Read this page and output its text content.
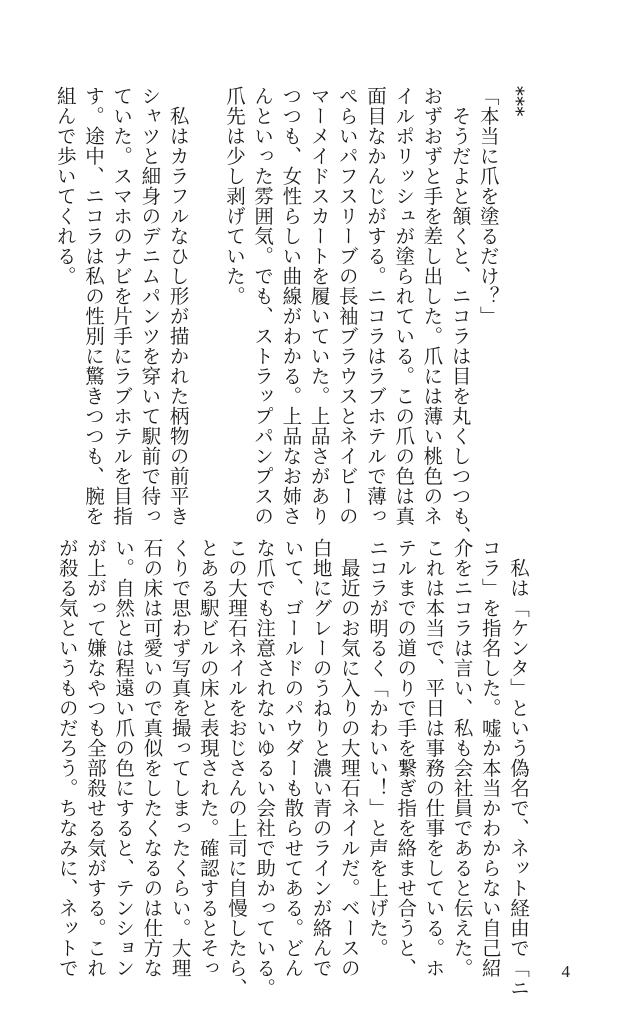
***

「本当に爪を塗るだけ？」

　そうだよと頷くと、ニコラは目を丸くしつつも、

おずおずと手を差し出した。爪には薄い桃色のネ

イルポリッシュが塗られている。この爪の色は真

面目なかんじがする。ニコラはラブホテルで薄っ

ぺらいパフスリーブの長袖ブラウスとネイビーの

マーメイドスカートを履いていた。上品さがあり

つつも、女性らしい曲線がわかる。上品なお姉さ

んといった雰囲気。でも、ストラップパンプスの

爪先は少し剥げていた。

　私はカラフルなひし形が描かれた柄物の前平き

シャツと細身のデニムパンツを穿いて駅前で待っ

ていた。スマホのナビを片手にラブホテルを目指

す。途中、ニコラは私の性別に驚きつつも、腕を

組んで歩いてくれる。

　私は「ケンタ」という偽名で、ネット経由で「ニ

コラ」を指名した。嘘か本当かわからない自己紹

介をニコラは言い、私も会社員であると伝えた。

これは本当で、平日は事務の仕事をしている。ホ

テルまでの道のりで手を繋ぎ指を絡ませ合うと、

ニコラが明るく「かわいい！」と声を上げた。

　最近のお気に入りの大理石ネイルだ。ベースの

白地にグレーのうねりと濃い青のラインが絡んで

いて、ゴールドのパウダーも散らせてある。どん

な爪でも注意されないゆるい会社で助かっている。

この大理石ネイルをおじさんの上司に自慢したら、

とある駅ビルの床と表現された。確認するとそっ

くりで思わず写真を撮ってしまったくらい。大理

石の床は可愛いので真似をしたくなるのは仕方な

い。自然とは程遠い爪の色にすると、テンション

が上がって嫌なやつも全部殺せる気がする。これ

が殺る気というものだろう。ちなみに、ネットで	4
